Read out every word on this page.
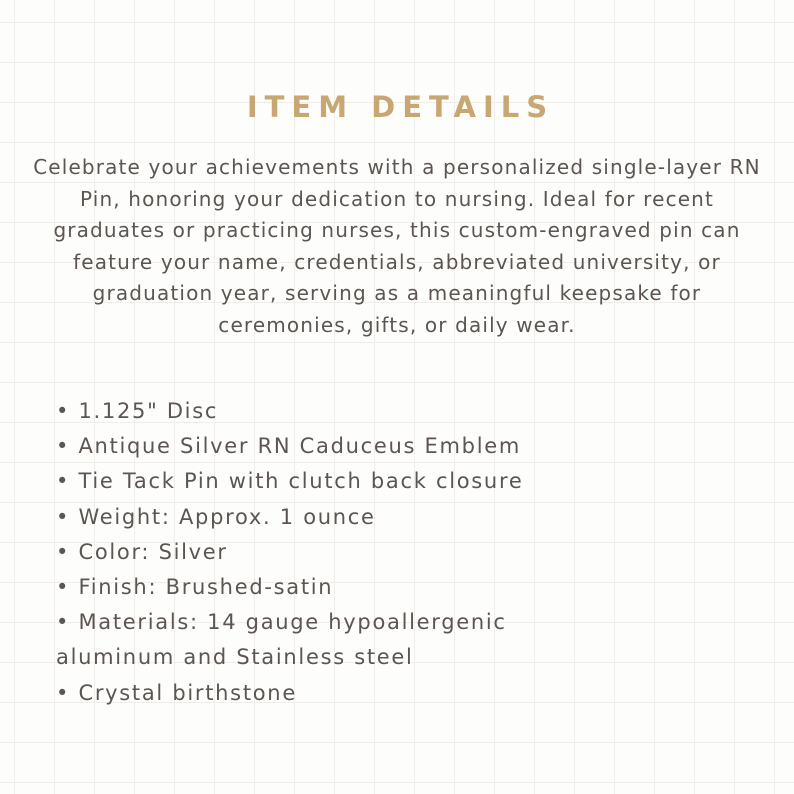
ITEM DETAILS

Celebrate your achievements with a personalized single-layer RN Pin, honoring your dedication to nursing. Ideal for recent graduates or practicing nurses, this custom-engraved pin can feature your name, credentials, abbreviated university, or graduation year, serving as a meaningful keepsake for ceremonies, gifts, or daily wear.

• 1.125" Disc
• Antique Silver RN Caduceus Emblem
• Tie Tack Pin with clutch back closure
• Weight: Approx. 1 ounce
• Color: Silver
• Finish: Brushed-satin
• Materials: 14 gauge hypoallergenic
aluminum and Stainless steel
• Crystal birthstone
